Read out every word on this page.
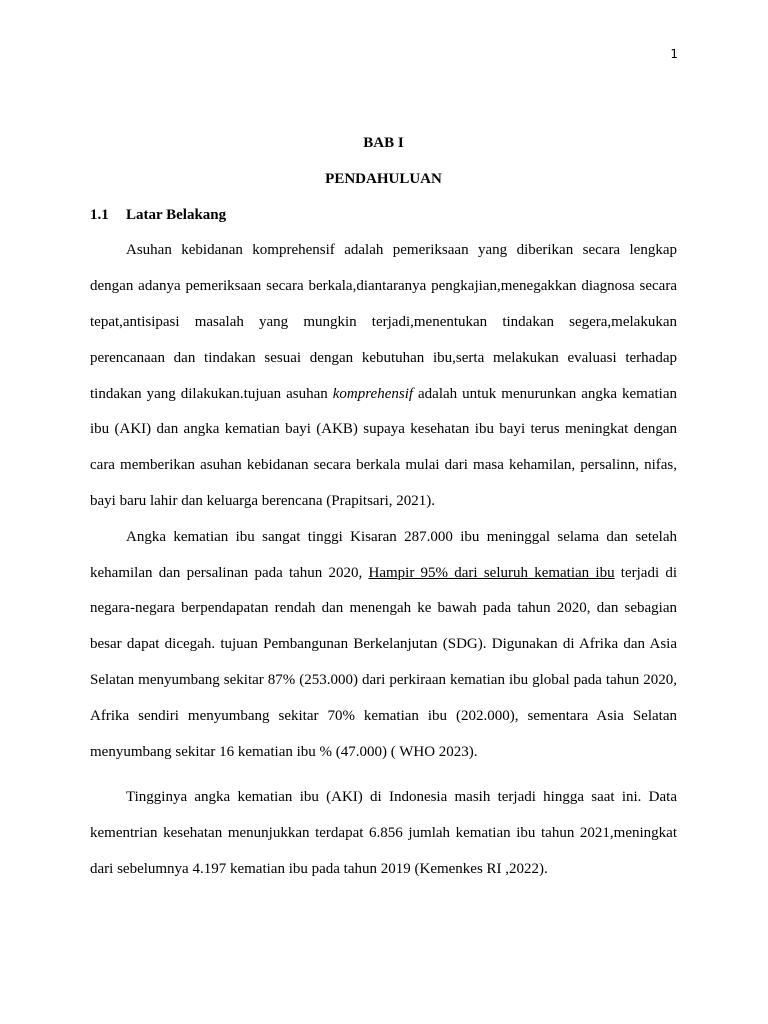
1

BAB I

PENDAHULUAN

1.1 Latar Belakang

Asuhan kebidanan komprehensif adalah pemeriksaan yang diberikan secara lengkap dengan adanya pemeriksaan secara berkala,diantaranya pengkajian,menegakkan diagnosa secara tepat,antisipasi masalah yang mungkin terjadi,menentukan tindakan segera,melakukan perencanaan dan tindakan sesuai dengan kebutuhan ibu,serta melakukan evaluasi terhadap tindakan yang dilakukan.tujuan asuhan komprehensif adalah untuk menurunkan angka kematian ibu (AKI) dan angka kematian bayi (AKB) supaya kesehatan ibu bayi terus meningkat dengan cara memberikan asuhan kebidanan secara berkala mulai dari masa kehamilan, persalinn, nifas, bayi baru lahir dan keluarga berencana (Prapitsari, 2021).

Angka kematian ibu sangat tinggi Kisaran 287.000 ibu meninggal selama dan setelah kehamilan dan persalinan pada tahun 2020, Hampir 95% dari seluruh kematian ibu terjadi di negara-negara berpendapatan rendah dan menengah ke bawah pada tahun 2020, dan sebagian besar dapat dicegah. tujuan Pembangunan Berkelanjutan (SDG). Digunakan di Afrika dan Asia Selatan menyumbang sekitar 87% (253.000) dari perkiraan kematian ibu global pada tahun 2020, Afrika sendiri menyumbang sekitar 70% kematian ibu (202.000), sementara Asia Selatan menyumbang sekitar 16 kematian ibu % (47.000) ( WHO 2023).

Tingginya angka kematian ibu (AKI) di Indonesia masih terjadi hingga saat ini. Data kementrian kesehatan menunjukkan terdapat 6.856 jumlah kematian ibu tahun 2021,meningkat dari sebelumnya 4.197 kematian ibu pada tahun 2019 (Kemenkes RI ,2022).
